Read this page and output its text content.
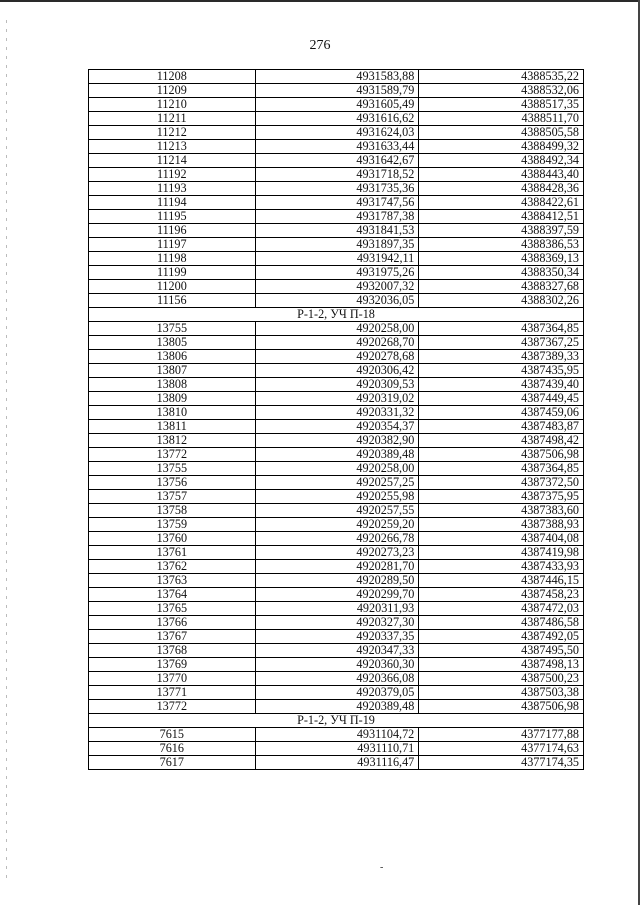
276
11208	4931583,88	4388535,22
11209	4931589,79	4388532,06
11210	4931605,49	4388517,35
11211	4931616,62	4388511,70
11212	4931624,03	4388505,58
11213	4931633,44	4388499,32
11214	4931642,67	4388492,34
11192	4931718,52	4388443,40
11193	4931735,36	4388428,36
11194	4931747,56	4388422,61
11195	4931787,38	4388412,51
11196	4931841,53	4388397,59
11197	4931897,35	4388386,53
11198	4931942,11	4388369,13
11199	4931975,26	4388350,34
11200	4932007,32	4388327,68
11156	4932036,05	4388302,26
Р-1-2, УЧ П-18		
13755	4920258,00	4387364,85
13805	4920268,70	4387367,25
13806	4920278,68	4387389,33
13807	4920306,42	4387435,95
13808	4920309,53	4387439,40
13809	4920319,02	4387449,45
13810	4920331,32	4387459,06
13811	4920354,37	4387483,87
13812	4920382,90	4387498,42
13772	4920389,48	4387506,98
13755	4920258,00	4387364,85
13756	4920257,25	4387372,50
13757	4920255,98	4387375,95
13758	4920257,55	4387383,60
13759	4920259,20	4387388,93
13760	4920266,78	4387404,08
13761	4920273,23	4387419,98
13762	4920281,70	4387433,93
13763	4920289,50	4387446,15
13764	4920299,70	4387458,23
13765	4920311,93	4387472,03
13766	4920327,30	4387486,58
13767	4920337,35	4387492,05
13768	4920347,33	4387495,50
13769	4920360,30	4387498,13
13770	4920366,08	4387500,23
13771	4920379,05	4387503,38
13772	4920389,48	4387506,98
Р-1-2, УЧ П-19		
7615	4931104,72	4377177,88
7616	4931110,71	4377174,63
7617	4931116,47	4377174,35
-
